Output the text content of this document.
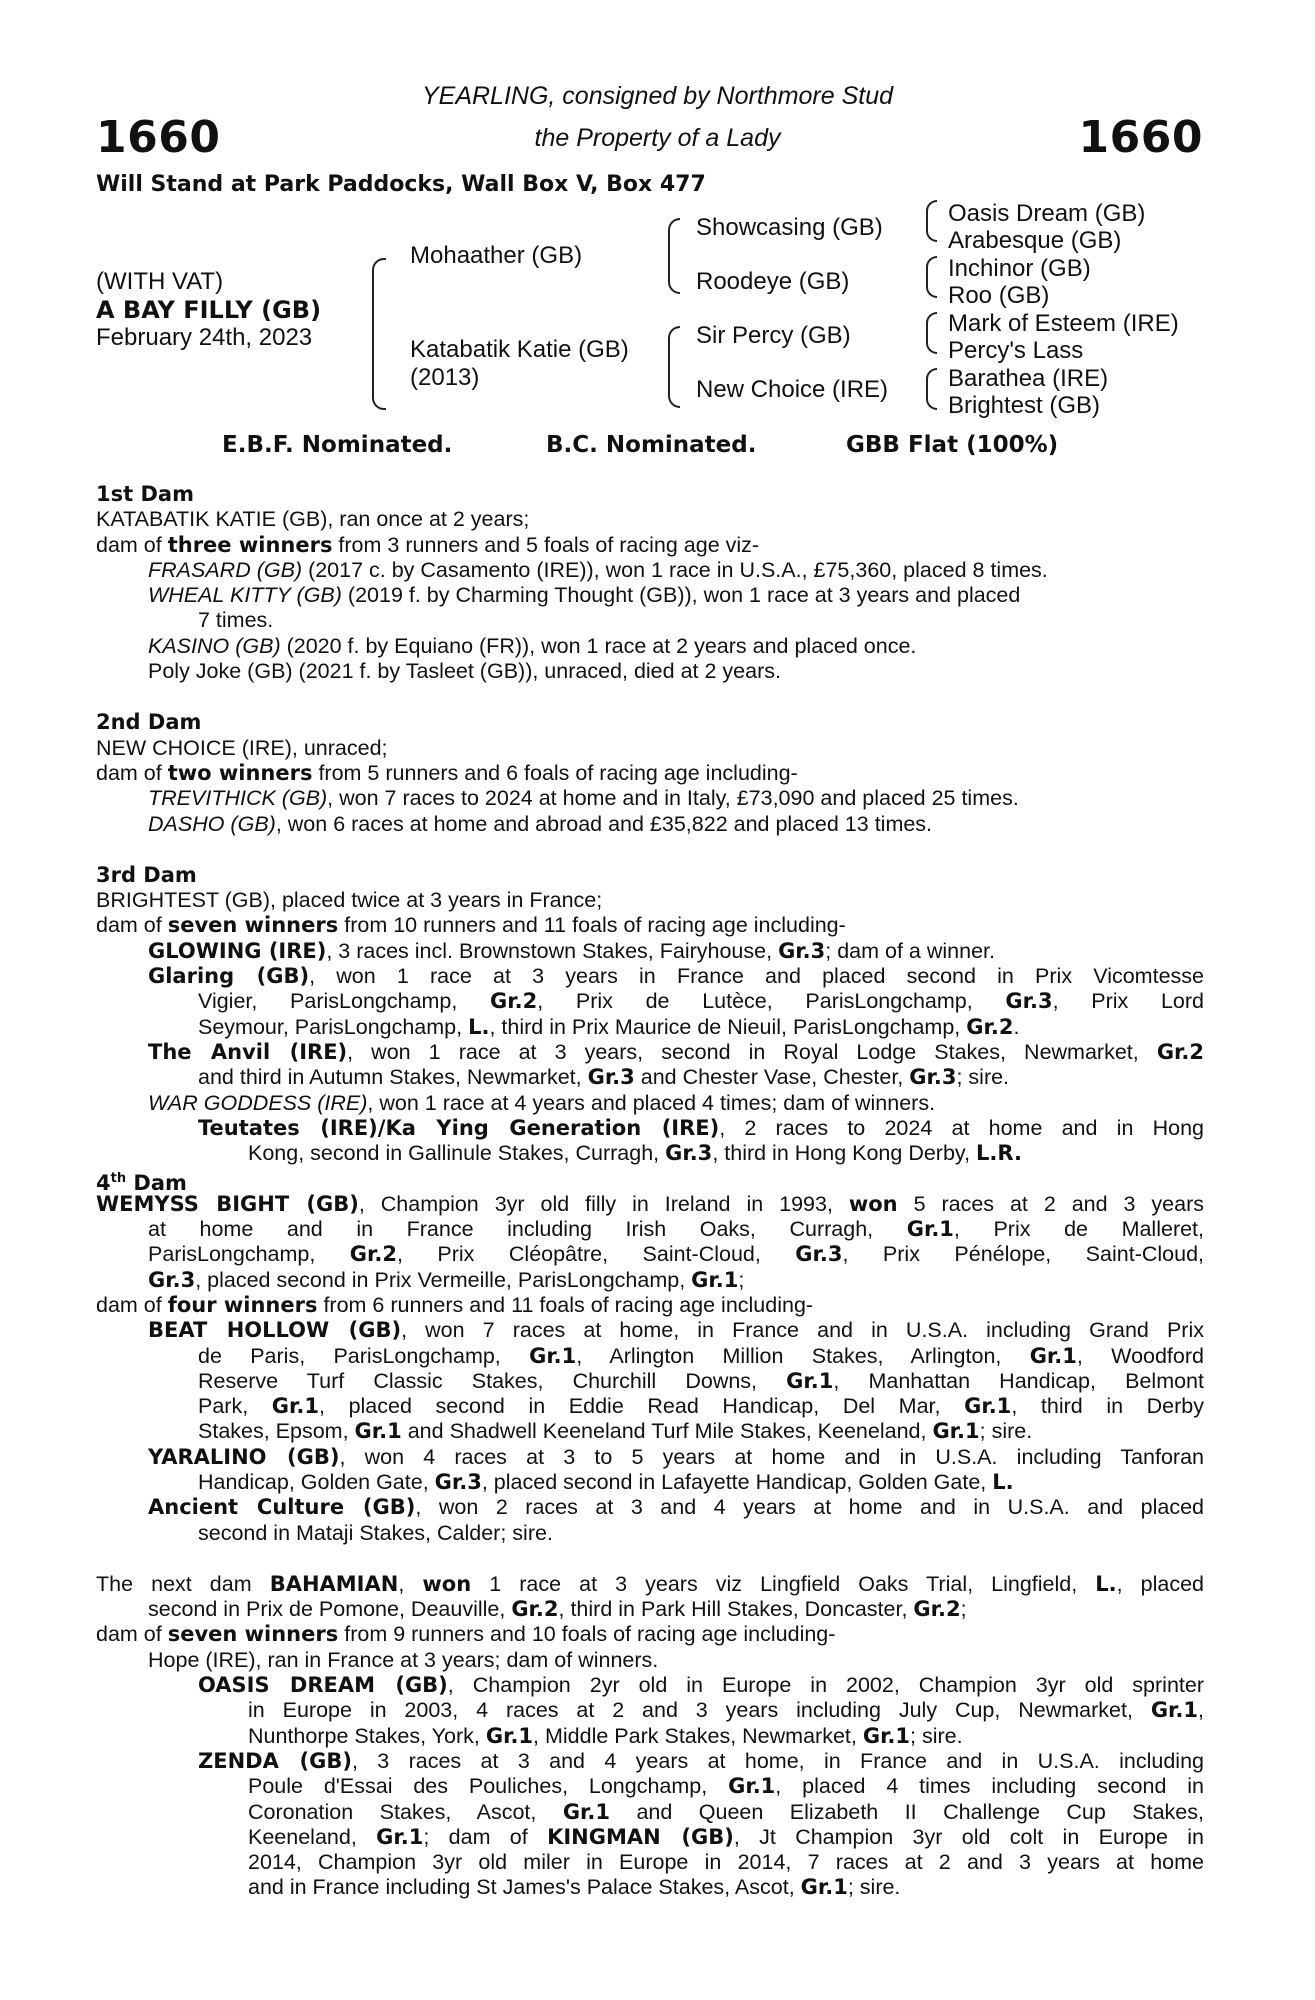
1660	1660
YEARLING, consigned by Northmore Stud
the Property of a Lady
Will Stand at Park Paddocks, Wall Box V, Box 477
(WITH VAT)
A BAY FILLY (GB)
February 24th, 2023
Mohaather (GB)
Katabatik Katie (GB)
(2013)
Showcasing (GB)
Roodeye (GB)
Sir Percy (GB)
New Choice (IRE)
Oasis Dream (GB)
Arabesque (GB)
Inchinor (GB)
Roo (GB)
Mark of Esteem (IRE)
Percy's Lass
Barathea (IRE)
Brightest (GB)
E.B.F. Nominated.	B.C. Nominated.	GBB Flat (100%)
1st Dam
KATABATIK KATIE (GB), ran once at 2 years;
dam of three winners from 3 runners and 5 foals of racing age viz-
FRASARD (GB) (2017 c. by Casamento (IRE)), won 1 race in U.S.A., £75,360, placed 8 times.
WHEAL KITTY (GB) (2019 f. by Charming Thought (GB)), won 1 race at 3 years and placed
7 times.
KASINO (GB) (2020 f. by Equiano (FR)), won 1 race at 2 years and placed once.
Poly Joke (GB) (2021 f. by Tasleet (GB)), unraced, died at 2 years.
2nd Dam
NEW CHOICE (IRE), unraced;
dam of two winners from 5 runners and 6 foals of racing age including-
TREVITHICK (GB), won 7 races to 2024 at home and in Italy, £73,090 and placed 25 times.
DASHO (GB), won 6 races at home and abroad and £35,822 and placed 13 times.
3rd Dam
BRIGHTEST (GB), placed twice at 3 years in France;
dam of seven winners from 10 runners and 11 foals of racing age including-
GLOWING (IRE), 3 races incl. Brownstown Stakes, Fairyhouse, Gr.3; dam of a winner.
Glaring (GB), won 1 race at 3 years in France and placed second in Prix Vicomtesse
Vigier, ParisLongchamp, Gr.2, Prix de Lutèce, ParisLongchamp, Gr.3, Prix Lord
Seymour, ParisLongchamp, L., third in Prix Maurice de Nieuil, ParisLongchamp, Gr.2.
The Anvil (IRE), won 1 race at 3 years, second in Royal Lodge Stakes, Newmarket, Gr.2
and third in Autumn Stakes, Newmarket, Gr.3 and Chester Vase, Chester, Gr.3; sire.
WAR GODDESS (IRE), won 1 race at 4 years and placed 4 times; dam of winners.
Teutates (IRE)/Ka Ying Generation (IRE), 2 races to 2024 at home and in Hong
Kong, second in Gallinule Stakes, Curragh, Gr.3, third in Hong Kong Derby, L.R.
4th Dam
WEMYSS BIGHT (GB), Champion 3yr old filly in Ireland in 1993, won 5 races at 2 and 3 years
at home and in France including Irish Oaks, Curragh, Gr.1, Prix de Malleret,
ParisLongchamp, Gr.2, Prix Cléopâtre, Saint-Cloud, Gr.3, Prix Pénélope, Saint-Cloud,
Gr.3, placed second in Prix Vermeille, ParisLongchamp, Gr.1;
dam of four winners from 6 runners and 11 foals of racing age including-
BEAT HOLLOW (GB), won 7 races at home, in France and in U.S.A. including Grand Prix
de Paris, ParisLongchamp, Gr.1, Arlington Million Stakes, Arlington, Gr.1, Woodford
Reserve Turf Classic Stakes, Churchill Downs, Gr.1, Manhattan Handicap, Belmont
Park, Gr.1, placed second in Eddie Read Handicap, Del Mar, Gr.1, third in Derby
Stakes, Epsom, Gr.1 and Shadwell Keeneland Turf Mile Stakes, Keeneland, Gr.1; sire.
YARALINO (GB), won 4 races at 3 to 5 years at home and in U.S.A. including Tanforan
Handicap, Golden Gate, Gr.3, placed second in Lafayette Handicap, Golden Gate, L.
Ancient Culture (GB), won 2 races at 3 and 4 years at home and in U.S.A. and placed
second in Mataji Stakes, Calder; sire.
The next dam BAHAMIAN, won 1 race at 3 years viz Lingfield Oaks Trial, Lingfield, L., placed
second in Prix de Pomone, Deauville, Gr.2, third in Park Hill Stakes, Doncaster, Gr.2;
dam of seven winners from 9 runners and 10 foals of racing age including-
Hope (IRE), ran in France at 3 years; dam of winners.
OASIS DREAM (GB), Champion 2yr old in Europe in 2002, Champion 3yr old sprinter
in Europe in 2003, 4 races at 2 and 3 years including July Cup, Newmarket, Gr.1,
Nunthorpe Stakes, York, Gr.1, Middle Park Stakes, Newmarket, Gr.1; sire.
ZENDA (GB), 3 races at 3 and 4 years at home, in France and in U.S.A. including
Poule d'Essai des Pouliches, Longchamp, Gr.1, placed 4 times including second in
Coronation Stakes, Ascot, Gr.1 and Queen Elizabeth II Challenge Cup Stakes,
Keeneland, Gr.1; dam of KINGMAN (GB), Jt Champion 3yr old colt in Europe in
2014, Champion 3yr old miler in Europe in 2014, 7 races at 2 and 3 years at home
and in France including St James's Palace Stakes, Ascot, Gr.1; sire.
